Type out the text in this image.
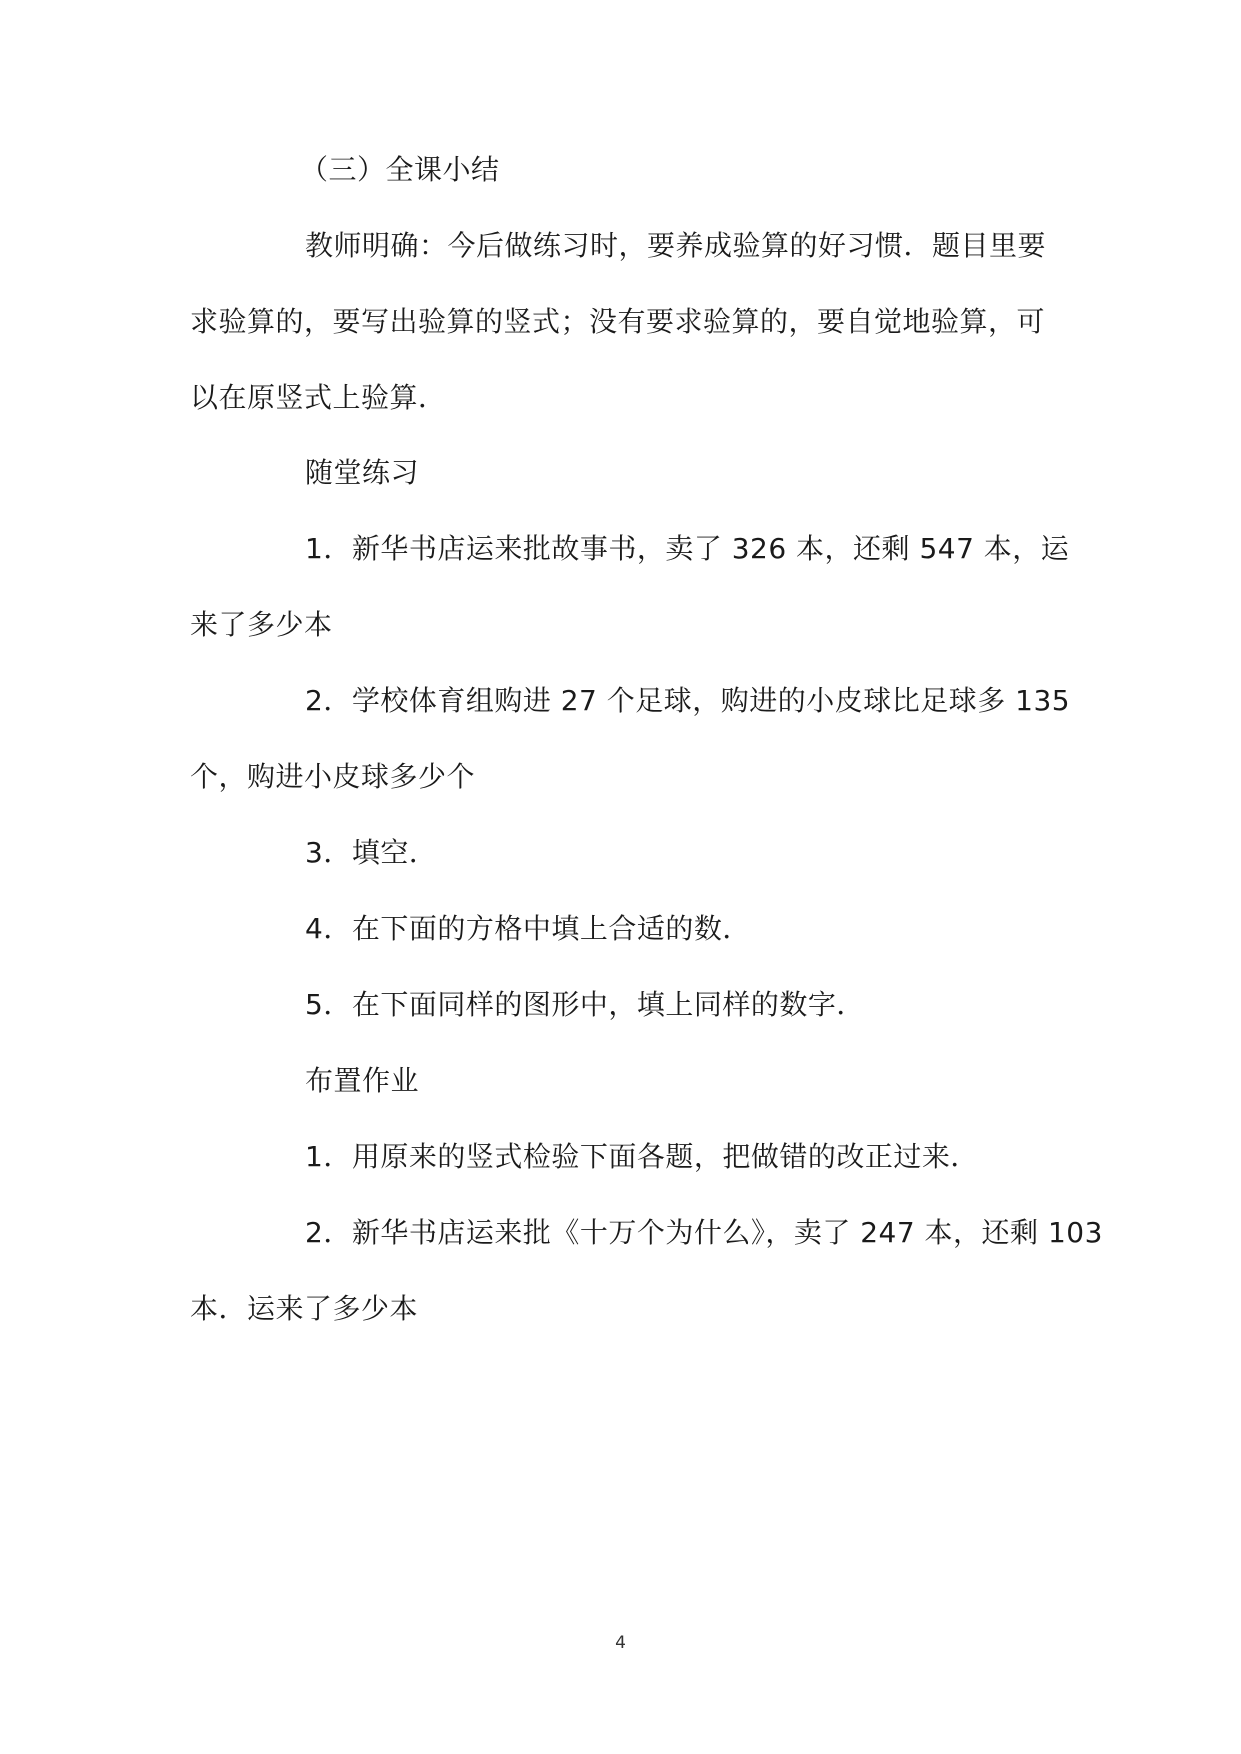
（三）全课小结
教师明确：今后做练习时，要养成验算的好习惯．题目里要
求验算的，要写出验算的竖式；没有要求验算的，要自觉地验算，可
以在原竖式上验算．
随堂练习
1．新华书店运来批故事书，卖了 326 本，还剩 547 本，运
来了多少本
2．学校体育组购进 27 个足球，购进的小皮球比足球多 135
个，购进小皮球多少个
3．填空．
4．在下面的方格中填上合适的数．
5．在下面同样的图形中，填上同样的数字．
布置作业
1．用原来的竖式检验下面各题，把做错的改正过来．
2．新华书店运来批《十万个为什么》，卖了 247 本，还剩 103
本．运来了多少本
4
